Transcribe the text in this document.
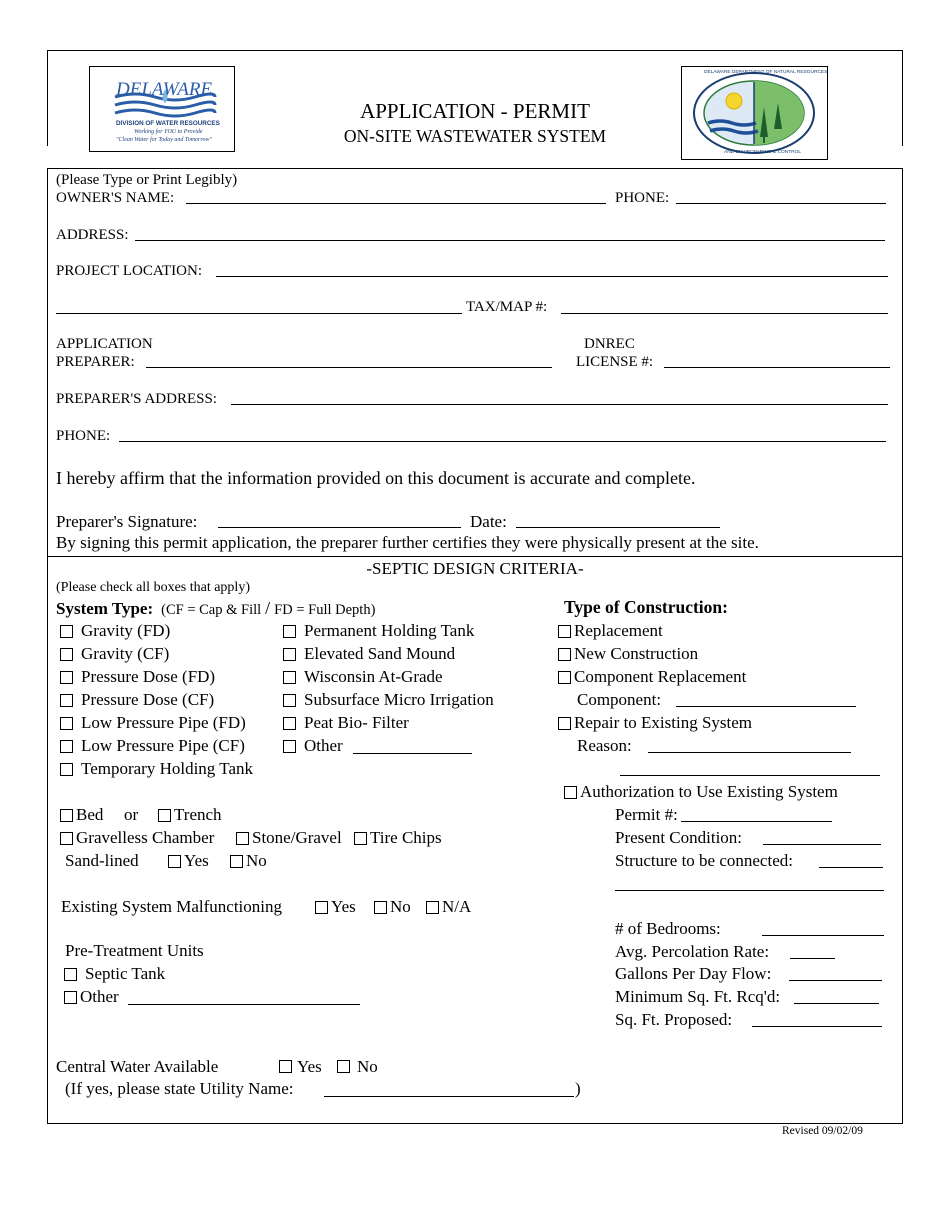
DELAWARE
DIVISION OF WATER RESOURCES
Working for YOU to Provide
"Clean Water for Today and Tomorrow"
APPLICATION - PERMIT
ON-SITE WASTEWATER SYSTEM
DELAWARE DEPARTMENT OF NATURAL RESOURCES
AND ENVIRONMENTAL CONTROL
(Please Type or Print Legibly)
OWNER'S NAME:	PHONE:
ADDRESS:
PROJECT LOCATION:
TAX/MAP #:
APPLICATION
PREPARER:
DNREC
LICENSE #:
PREPARER'S ADDRESS:
PHONE:
I hereby affirm that the information provided on this document is accurate and complete.
Preparer's Signature:	Date:
By signing this permit application, the preparer further certifies they were physically present at the site.
-SEPTIC DESIGN CRITERIA-
(Please check all boxes that apply)
System Type: (CF = Cap & Fill / FD = Full Depth)
Gravity (FD)
Gravity (CF)
Pressure Dose (FD)
Pressure Dose (CF)
Low Pressure Pipe (FD)
Low Pressure Pipe (CF)
Temporary Holding Tank
Permanent Holding Tank
Elevated Sand Mound
Wisconsin At-Grade
Subsurface Micro Irrigation
Peat Bio- Filter
Other
Bed or Trench
Gravelless Chamber Stone/Gravel Tire Chips
Sand-lined	Yes No
Existing System Malfunctioning	Yes No N/A
Pre-Treatment Units
Septic Tank
Other
Central Water Available	Yes No
(If yes, please state Utility Name:	)
Type of Construction:
Replacement
New Construction
Component Replacement
Component:
Repair to Existing System
Reason:
Authorization to Use Existing System
Permit #:
Present Condition:
Structure to be connected:
# of Bedrooms:
Avg. Percolation Rate:
Gallons Per Day Flow:
Minimum Sq. Ft. Rcq'd:
Sq. Ft. Proposed:
Revised 09/02/09
